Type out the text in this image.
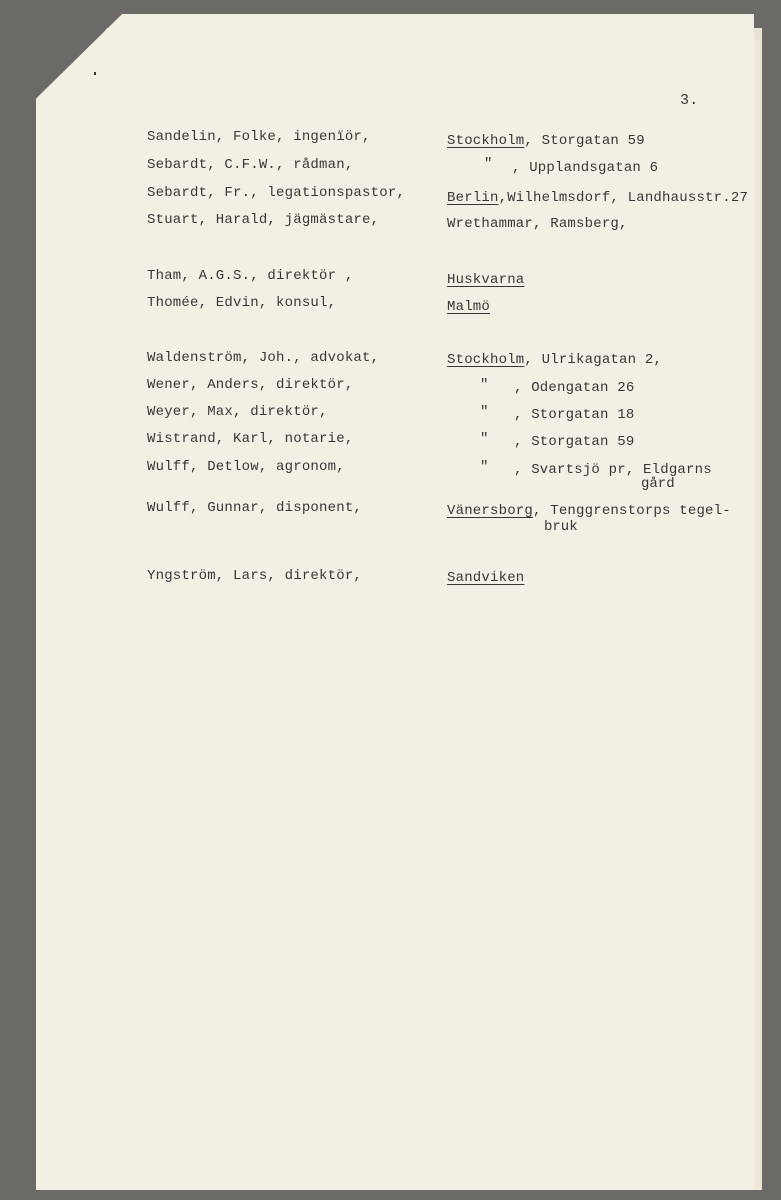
3.
Sandelin, Folke, ingenïör,	Stockholm, Storgatan 59
Sebardt, C.F.W., rådman,	" , Upplandsgatan 6
Sebardt, Fr., legationspastor,	Berlin,Wilhelmsdorf, Landhausstr.27
Stuart, Harald, jägmästare,	Wrethammar, Ramsberg,
Tham, A.G.S., direktör ,	Huskvarna
Thomée, Edvin, konsul,	Malmö
Waldenström, Joh., advokat,	Stockholm, Ulrikagatan 2,
Wener, Anders, direktör,	" , Odengatan 26
Weyer, Max, direktör,	" , Storgatan 18
Wistrand, Karl, notarie,	" , Storgatan 59
Wulff, Detlow, agronom,	" , Svartsjö pr, Eldgarns
gård
Wulff, Gunnar, disponent,	Vänersborg, Tenggrenstorps tegel-
bruk
Yngström, Lars, direktör,	Sandviken
